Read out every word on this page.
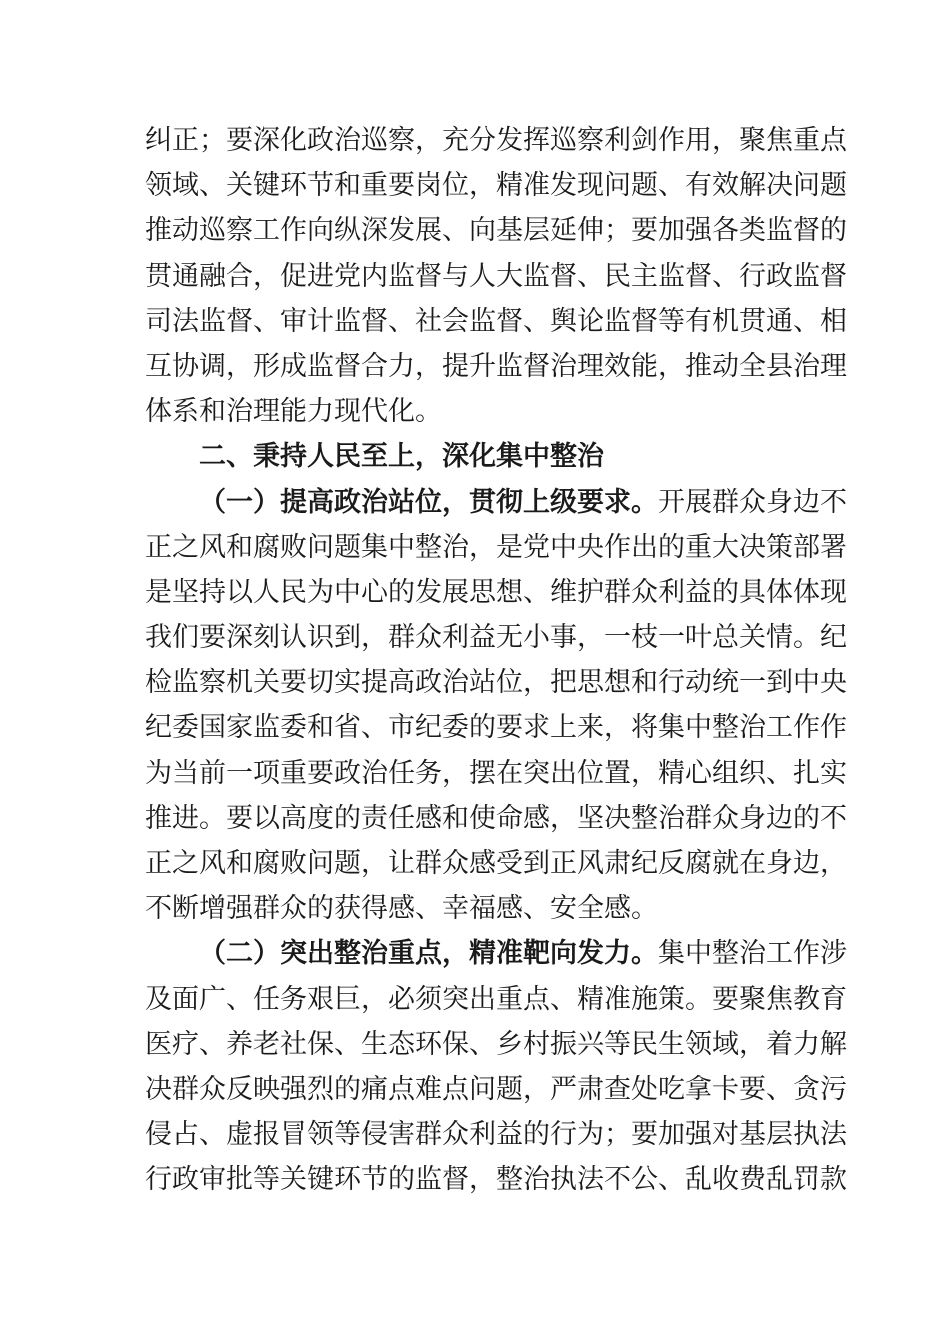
纠正；要深化政治巡察，充分发挥巡察利剑作用，聚焦重点
领域、关键环节和重要岗位，精准发现问题、有效解决问题
推动巡察工作向纵深发展、向基层延伸；要加强各类监督的
贯通融合，促进党内监督与人大监督、民主监督、行政监督
司法监督、审计监督、社会监督、舆论监督等有机贯通、相
互协调，形成监督合力，提升监督治理效能，推动全县治理
体系和治理能力现代化。
二、秉持人民至上，深化集中整治
（一）提高政治站位，贯彻上级要求。开展群众身边不
正之风和腐败问题集中整治，是党中央作出的重大决策部署
是坚持以人民为中心的发展思想、维护群众利益的具体体现
我们要深刻认识到，群众利益无小事，一枝一叶总关情。纪
检监察机关要切实提高政治站位，把思想和行动统一到中央
纪委国家监委和省、市纪委的要求上来，将集中整治工作作
为当前一项重要政治任务，摆在突出位置，精心组织、扎实
推进。要以高度的责任感和使命感，坚决整治群众身边的不
正之风和腐败问题，让群众感受到正风肃纪反腐就在身边，
不断增强群众的获得感、幸福感、安全感。
（二）突出整治重点，精准靶向发力。集中整治工作涉
及面广、任务艰巨，必须突出重点、精准施策。要聚焦教育
医疗、养老社保、生态环保、乡村振兴等民生领域，着力解
决群众反映强烈的痛点难点问题，严肃查处吃拿卡要、贪污
侵占、虚报冒领等侵害群众利益的行为；要加强对基层执法
行政审批等关键环节的监督，整治执法不公、乱收费乱罚款
